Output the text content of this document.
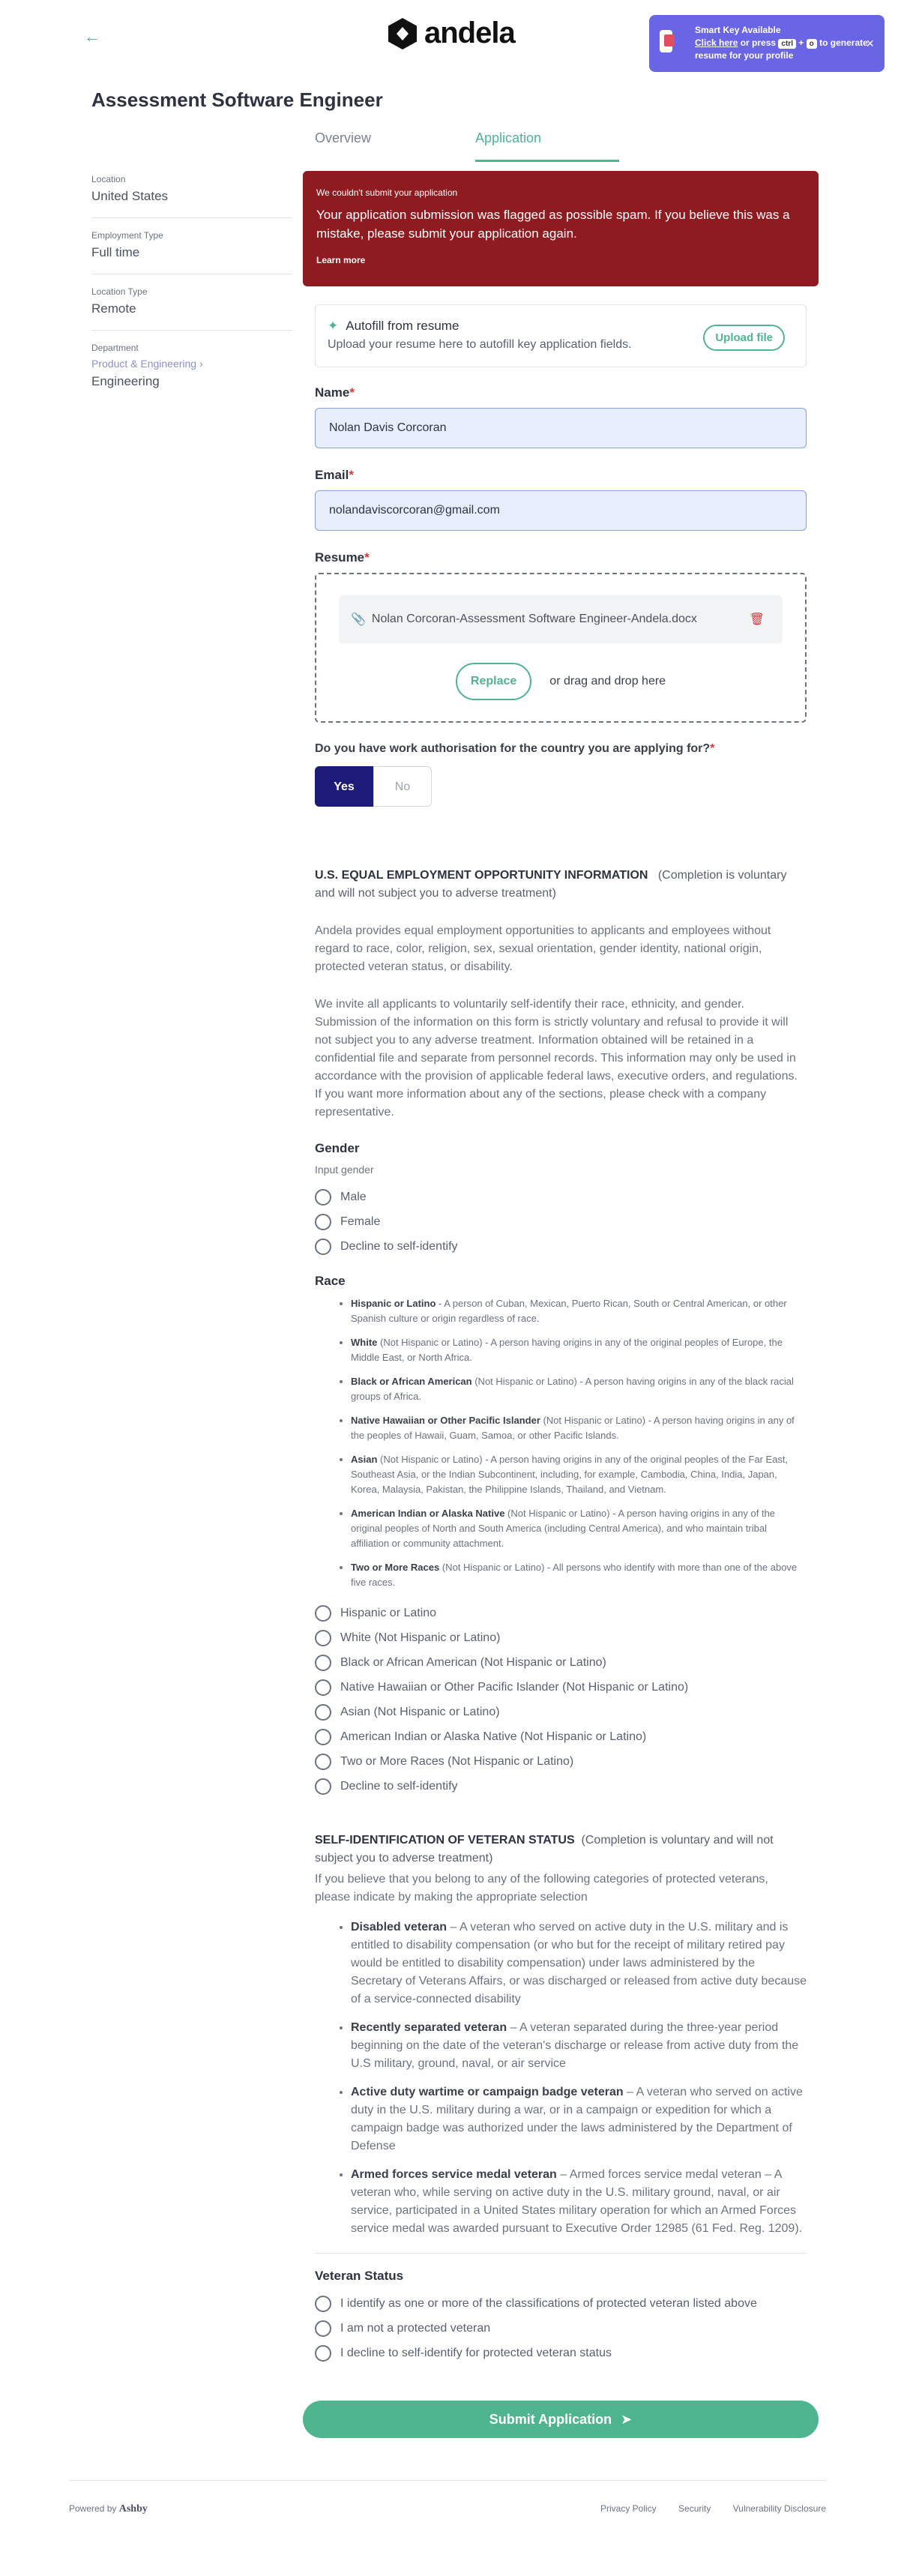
←	andela	Smart Key Available
Click here or press ctrl + o to generate resume for your profile
×
Assessment Software Engineer
Overview	Application
Location
United States
Employment Type
Full time
Location Type
Remote
Department
Product & Engineering ›
Engineering
We couldn't submit your application
Your application submission was flagged as possible spam. If you believe this was a mistake, please submit your application again.
Learn more
✦ Autofill from resume
Upload your resume here to autofill key application fields.
Upload file
Name*
Nolan Davis Corcoran
Email*
nolandaviscorcoran@gmail.com
Resume*
📎 Nolan Corcoran-Assessment Software Engineer-Andela.docx	🗑
Replace	or drag and drop here
Do you have work authorisation for the country you are applying for?*
Yes	No
U.S. EQUAL EMPLOYMENT OPPORTUNITY INFORMATION (Completion is voluntary and will not subject you to adverse treatment)

Andela provides equal employment opportunities to applicants and employees without regard to race, color, religion, sex, sexual orientation, gender identity, national origin, protected veteran status, or disability.

We invite all applicants to voluntarily self-identify their race, ethnicity, and gender. Submission of the information on this form is strictly voluntary and refusal to provide it will not subject you to any adverse treatment. Information obtained will be retained in a confidential file and separate from personnel records. This information may only be used in accordance with the provision of applicable federal laws, executive orders, and regulations. If you want more information about any of the sections, please check with a company representative.

Gender
Input gender
Male
Female
Decline to self-identify
Race
• Hispanic or Latino - A person of Cuban, Mexican, Puerto Rican, South or Central American, or other Spanish culture or origin regardless of race.
• White (Not Hispanic or Latino) - A person having origins in any of the original peoples of Europe, the Middle East, or North Africa.
• Black or African American (Not Hispanic or Latino) - A person having origins in any of the black racial groups of Africa.
• Native Hawaiian or Other Pacific Islander (Not Hispanic or Latino) - A person having origins in any of the peoples of Hawaii, Guam, Samoa, or other Pacific Islands.
• Asian (Not Hispanic or Latino) - A person having origins in any of the original peoples of the Far East, Southeast Asia, or the Indian Subcontinent, including, for example, Cambodia, China, India, Japan, Korea, Malaysia, Pakistan, the Philippine Islands, Thailand, and Vietnam.
• American Indian or Alaska Native (Not Hispanic or Latino) - A person having origins in any of the original peoples of North and South America (including Central America), and who maintain tribal affiliation or community attachment.
• Two or More Races (Not Hispanic or Latino) - All persons who identify with more than one of the above five races.
Hispanic or Latino
White (Not Hispanic or Latino)
Black or African American (Not Hispanic or Latino)
Native Hawaiian or Other Pacific Islander (Not Hispanic or Latino)
Asian (Not Hispanic or Latino)
American Indian or Alaska Native (Not Hispanic or Latino)
Two or More Races (Not Hispanic or Latino)
Decline to self-identify
SELF-IDENTIFICATION OF VETERAN STATUS (Completion is voluntary and will not subject you to adverse treatment)

If you believe that you belong to any of the following categories of protected veterans, please indicate by making the appropriate selection

• Disabled veteran – A veteran who served on active duty in the U.S. military and is entitled to disability compensation (or who but for the receipt of military retired pay would be entitled to disability compensation) under laws administered by the Secretary of Veterans Affairs, or was discharged or released from active duty because of a service-connected disability
• Recently separated veteran – A veteran separated during the three-year period beginning on the date of the veteran's discharge or release from active duty from the U.S military, ground, naval, or air service
• Active duty wartime or campaign badge veteran – A veteran who served on active duty in the U.S. military during a war, or in a campaign or expedition for which a campaign badge was authorized under the laws administered by the Department of Defense
• Armed forces service medal veteran – Armed forces service medal veteran – A veteran who, while serving on active duty in the U.S. military ground, naval, or air service, participated in a United States military operation for which an Armed Forces service medal was awarded pursuant to Executive Order 12985 (61 Fed. Reg. 1209).
Veteran Status
I identify as one or more of the classifications of protected veteran listed above
I am not a protected veteran
I decline to self-identify for protected veteran status
Submit Application ➤
Powered by Ashby	Privacy Policy Security Vulnerability Disclosure
